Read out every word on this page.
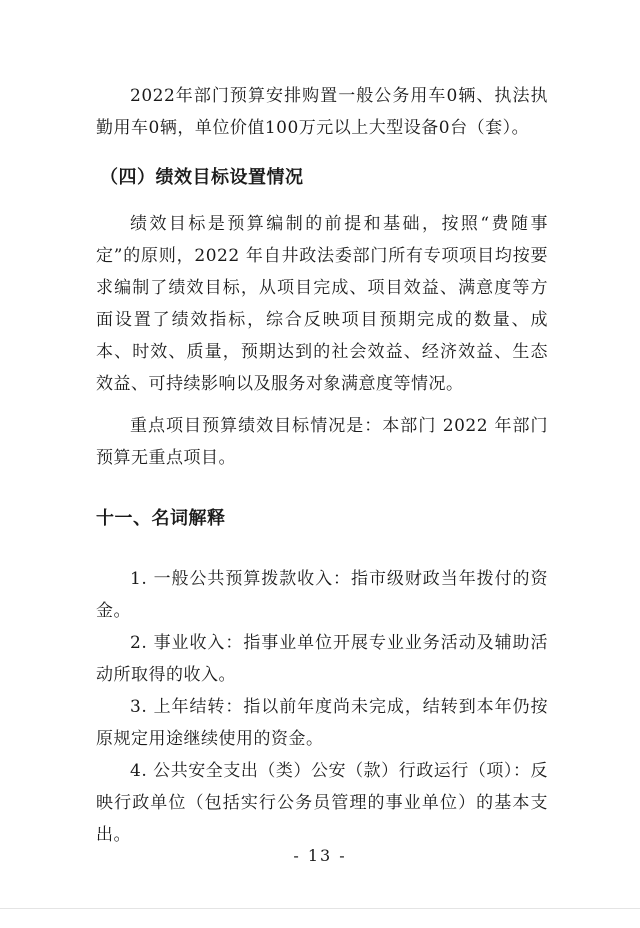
2022年部门预算安排购置一般公务用车0辆、执法执勤用车0辆，单位价值100万元以上大型设备0台（套）。

（四）绩效目标设置情况

绩效目标是预算编制的前提和基础，按照“费随事定”的原则，2022 年自井政法委部门所有专项项目均按要求编制了绩效目标，从项目完成、项目效益、满意度等方面设置了绩效指标，综合反映项目预期完成的数量、成本、时效、质量，预期达到的社会效益、经济效益、生态效益、可持续影响以及服务对象满意度等情况。

重点项目预算绩效目标情况是：本部门 2022 年部门预算无重点项目。

十一、名词解释

1. 一般公共预算拨款收入：指市级财政当年拨付的资金。

2. 事业收入：指事业单位开展专业业务活动及辅助活动所取得的收入。

3. 上年结转：指以前年度尚未完成，结转到本年仍按原规定用途继续使用的资金。

4. 公共安全支出（类）公安（款）行政运行（项）：反映行政单位（包括实行公务员管理的事业单位）的基本支出。

- 13 -
